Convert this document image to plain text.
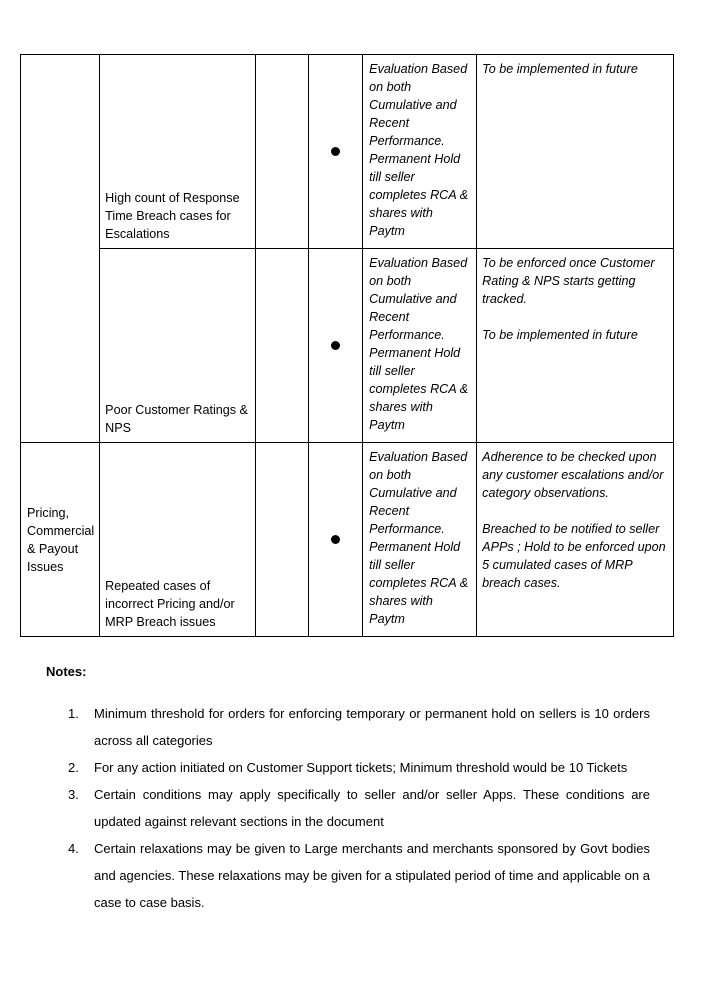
	High count of Response Time Breach cases for Escalations			Evaluation Based on both Cumulative and Recent Performance. Permanent Hold till seller completes RCA & shares with Paytm	To be implemented in future

	Poor Customer Ratings & NPS			Evaluation Based on both Cumulative and Recent Performance. Permanent Hold till seller completes RCA & shares with Paytm	To be enforced once Customer Rating & NPS starts getting tracked.
To be implemented in future

Pricing, Commercial & Payout Issues	Repeated cases of incorrect Pricing and/or MRP Breach issues			Evaluation Based on both Cumulative and Recent Performance. Permanent Hold till seller completes RCA & shares with Paytm	Adherence to be checked upon any customer escalations and/or category observations.
Breached to be notified to seller APPs ; Hold to be enforced upon 5 cumulated cases of MRP breach cases.
Notes:
1. Minimum threshold for orders for enforcing temporary or permanent hold on sellers is 10 orders across all categories
2. For any action initiated on Customer Support tickets; Minimum threshold would be 10 Tickets
3. Certain conditions may apply specifically to seller and/or seller Apps. These conditions are updated against relevant sections in the document
4. Certain relaxations may be given to Large merchants and merchants sponsored by Govt bodies and agencies. These relaxations may be given for a stipulated period of time and applicable on a case to case basis.
